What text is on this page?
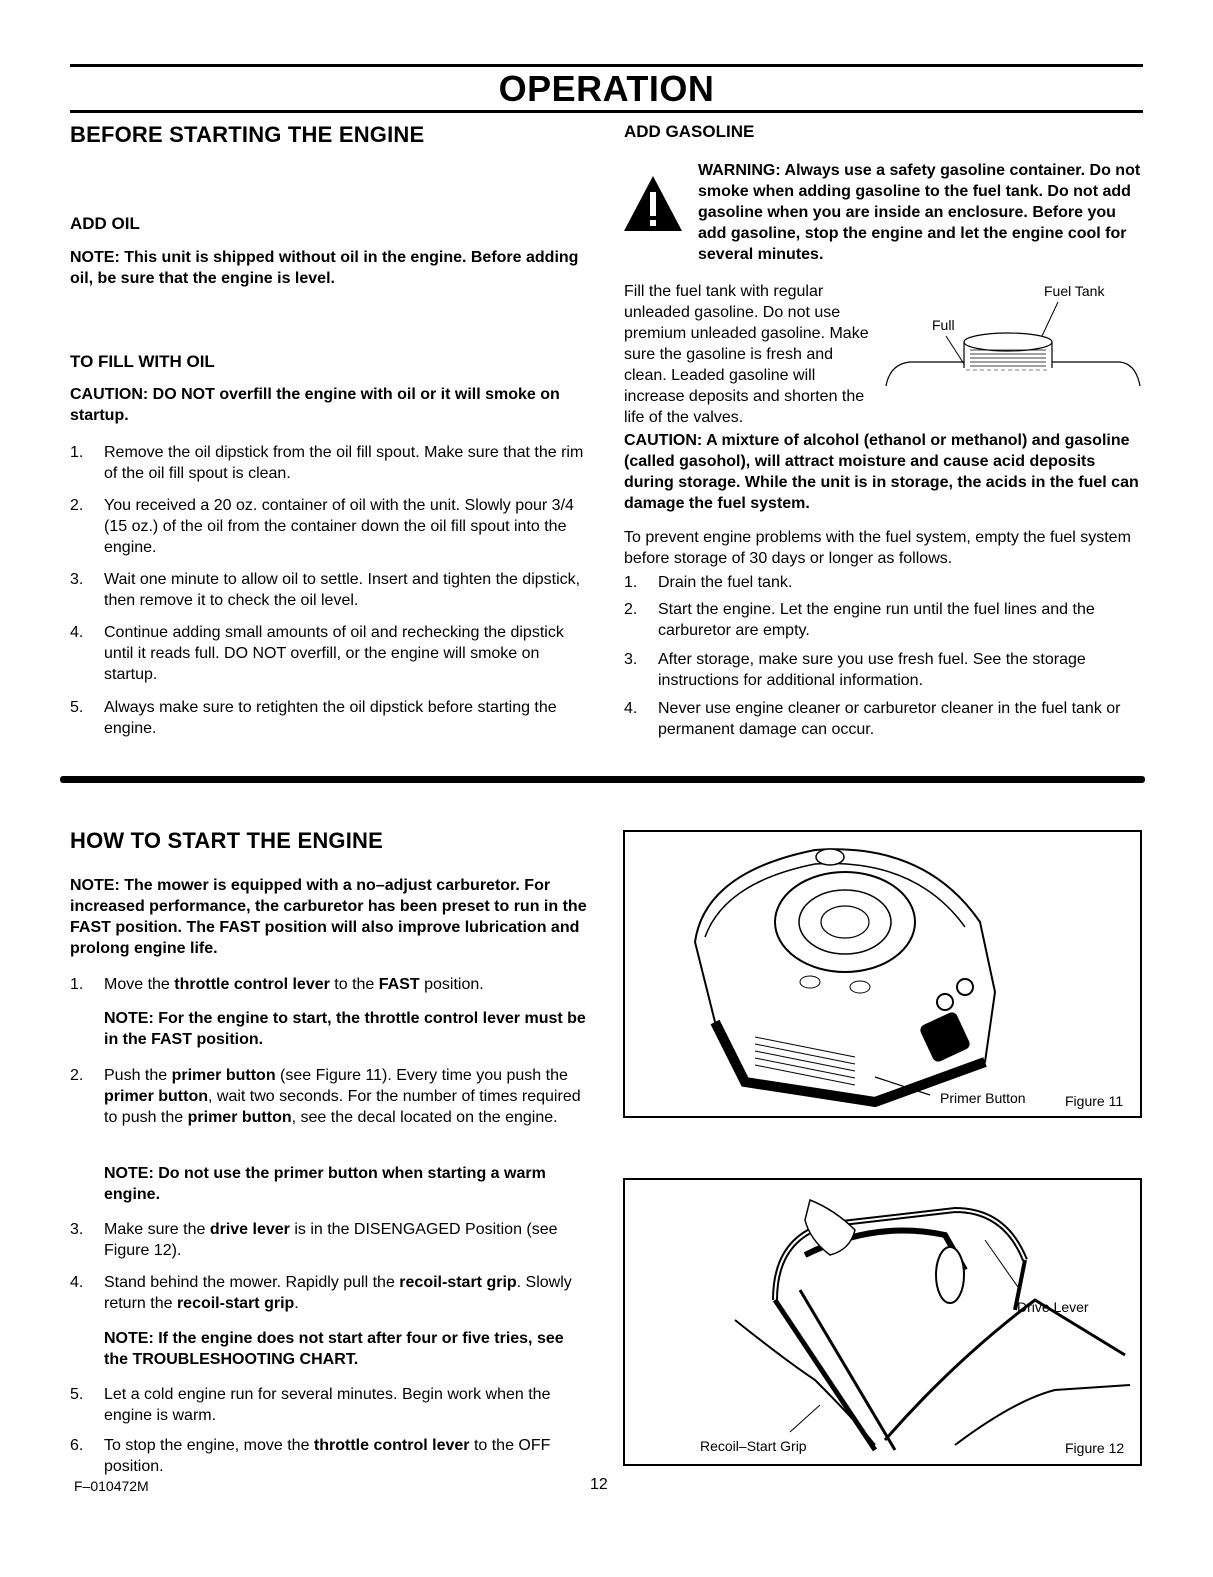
OPERATION
BEFORE STARTING THE ENGINE
ADD OIL
NOTE: This unit is shipped without oil in the engine. Before adding oil, be sure that the engine is level.
TO FILL WITH OIL
CAUTION: DO NOT overfill the engine with oil or it will smoke on startup.
1. Remove the oil dipstick from the oil fill spout. Make sure that the rim of the oil fill spout is clean.
2. You received a 20 oz. container of oil with the unit. Slowly pour 3/4 (15 oz.) of the oil from the container down the oil fill spout into the engine.
3. Wait one minute to allow oil to settle. Insert and tighten the dipstick, then remove it to check the oil level.
4. Continue adding small amounts of oil and rechecking the dipstick until it reads full. DO NOT overfill, or the engine will smoke on startup.
5. Always make sure to retighten the oil dipstick before starting the engine.
ADD GASOLINE
WARNING: Always use a safety gasoline container. Do not smoke when adding gasoline to the fuel tank. Do not add gasoline when you are inside an enclosure. Before you add gasoline, stop the engine and let the engine cool for several minutes.
Fill the fuel tank with regular unleaded gasoline. Do not use premium unleaded gasoline. Make sure the gasoline is fresh and clean. Leaded gasoline will increase deposits and shorten the life of the valves.
Fuel Tank
Full
CAUTION: A mixture of alcohol (ethanol or methanol) and gasoline (called gasohol), will attract moisture and cause acid deposits during storage. While the unit is in storage, the acids in the fuel can damage the fuel system.
To prevent engine problems with the fuel system, empty the fuel system before storage of 30 days or longer as follows.
1. Drain the fuel tank.
2. Start the engine. Let the engine run until the fuel lines and the carburetor are empty.
3. After storage, make sure you use fresh fuel. See the storage instructions for additional information.
4. Never use engine cleaner or carburetor cleaner in the fuel tank or permanent damage can occur.
HOW TO START THE ENGINE
NOTE: The mower is equipped with a no–adjust carburetor. For increased performance, the carburetor has been preset to run in the FAST position. The FAST position will also improve lubrication and prolong engine life.
1. Move the throttle control lever to the FAST position.
NOTE: For the engine to start, the throttle control lever must be in the FAST position.
2. Push the primer button (see Figure 11). Every time you push the primer button, wait two seconds. For the number of times required to push the primer button, see the decal located on the engine.
NOTE: Do not use the primer button when starting a warm engine.
3. Make sure the drive lever is in the DISENGAGED Position (see Figure 12).
4. Stand behind the mower. Rapidly pull the recoil-start grip. Slowly return the recoil-start grip.
NOTE: If the engine does not start after four or five tries, see the TROUBLESHOOTING CHART.
5. Let a cold engine run for several minutes. Begin work when the engine is warm.
6. To stop the engine, move the throttle control lever to the OFF position.
Primer Button	Figure 11
Drive Lever
Recoil–Start Grip	Figure 12
F–010472M	12
